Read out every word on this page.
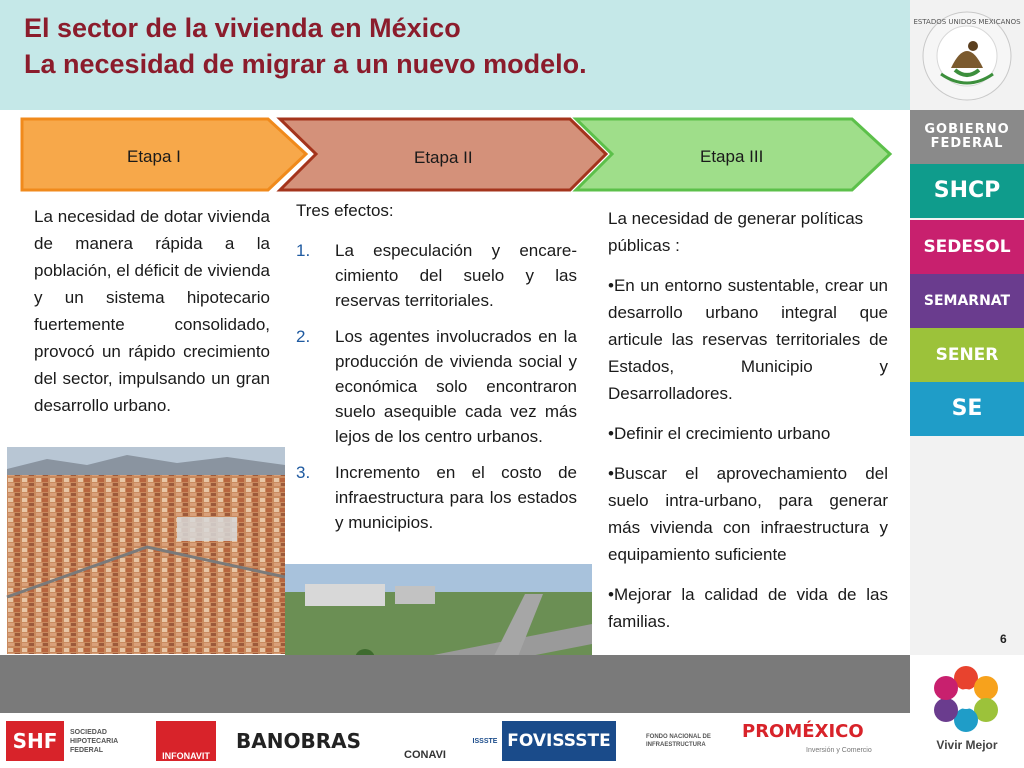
El sector de la vivienda en México
La necesidad de migrar a un nuevo modelo.
ESTADOS UNIDOS MEXICANOS
GOBIERNO FEDERAL
SHCP
SEDESOL
SEMARNAT
SENER
SE
6
Etapa I	Etapa II	Etapa III
La necesidad de dotar vivienda de manera rápida a la población, el déficit de vivienda y un sistema hipotecario fuertemente consolidado, provocó un rápido crecimiento del sector, impulsando un gran desarrollo urbano.
Tres efectos:
1. La especulación y encare-cimiento del suelo y las reservas territoriales.
2. Los agentes involucrados en la producción de vivienda social y económica solo encontraron suelo asequible cada vez más lejos de los centro urbanos.
3. Incremento en el costo de infraestructura para los estados y municipios.

La necesidad de generar políticas públicas :

•En un entorno sustentable, crear un desarrollo urbano integral que articule las reservas territoriales de Estados, Municipio y Desarrolladores.

•Definir el crecimiento urbano

•Buscar el aprovechamiento del suelo intra-urbano, para generar más vivienda con infraestructura y equipamiento suficiente

•Mejorar la calidad de vida de las familias.

Vivir Mejor
SHF	SOCIEDAD HIPOTECARIA FEDERAL
INFONAVIT
BANOBRAS
CONAVI
ISSSTE FOVISSSTE	FONDO NACIONAL DE INFRAESTRUCTURA
PROMÉXICO
Inversión y Comercio
